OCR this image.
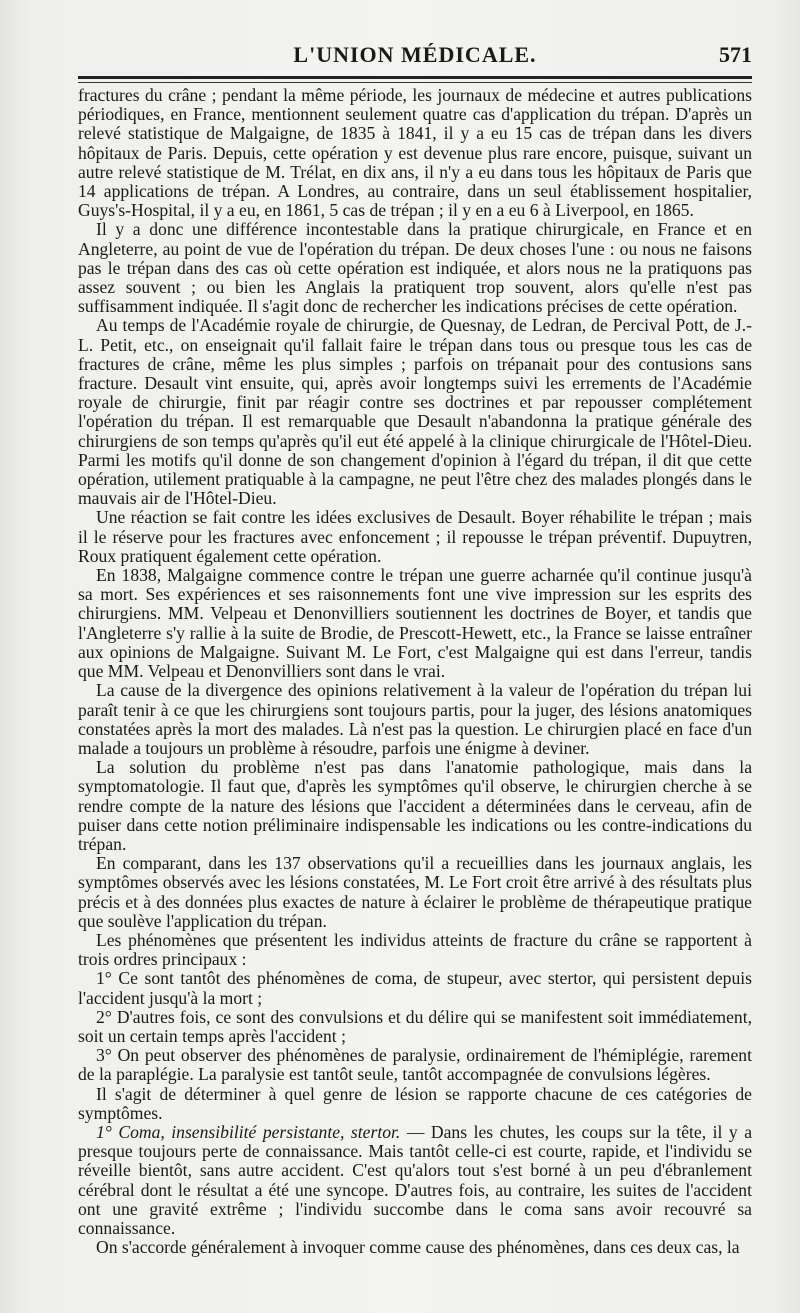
L'UNION MÉDICALE.	571

fractures du crâne ; pendant la même période, les journaux de médecine et autres publications périodiques, en France, mentionnent seulement quatre cas d'application du trépan. D'après un relevé statistique de Malgaigne, de 1835 à 1841, il y a eu 15 cas de trépan dans les divers hôpitaux de Paris. Depuis, cette opération y est devenue plus rare encore, puisque, suivant un autre relevé statistique de M. Trélat, en dix ans, il n'y a eu dans tous les hôpitaux de Paris que 14 applications de trépan. A Londres, au contraire, dans un seul établissement hospitalier, Guys's-Hospital, il y a eu, en 1861, 5 cas de trépan ; il y en a eu 6 à Liverpool, en 1865.

Il y a donc une différence incontestable dans la pratique chirurgicale, en France et en Angleterre, au point de vue de l'opération du trépan. De deux choses l'une : ou nous ne faisons pas le trépan dans des cas où cette opération est indiquée, et alors nous ne la pratiquons pas assez souvent ; ou bien les Anglais la pratiquent trop souvent, alors qu'elle n'est pas suffisamment indiquée. Il s'agit donc de rechercher les indications précises de cette opération.

Au temps de l'Académie royale de chirurgie, de Quesnay, de Ledran, de Percival Pott, de J.-L. Petit, etc., on enseignait qu'il fallait faire le trépan dans tous ou presque tous les cas de fractures de crâne, même les plus simples ; parfois on trépanait pour des contusions sans fracture. Desault vint ensuite, qui, après avoir longtemps suivi les errements de l'Académie royale de chirurgie, finit par réagir contre ses doctrines et par repousser complétement l'opération du trépan. Il est remarquable que Desault n'abandonna la pratique générale des chirurgiens de son temps qu'après qu'il eut été appelé à la clinique chirurgicale de l'Hôtel-Dieu. Parmi les motifs qu'il donne de son changement d'opinion à l'égard du trépan, il dit que cette opération, utilement pratiquable à la campagne, ne peut l'être chez des malades plongés dans le mauvais air de l'Hôtel-Dieu.

Une réaction se fait contre les idées exclusives de Desault. Boyer réhabilite le trépan ; mais il le réserve pour les fractures avec enfoncement ; il repousse le trépan préventif. Dupuytren, Roux pratiquent également cette opération.

En 1838, Malgaigne commence contre le trépan une guerre acharnée qu'il continue jusqu'à sa mort. Ses expériences et ses raisonnements font une vive impression sur les esprits des chirurgiens. MM. Velpeau et Denonvilliers soutiennent les doctrines de Boyer, et tandis que l'Angleterre s'y rallie à la suite de Brodie, de Prescott-Hewett, etc., la France se laisse entraîner aux opinions de Malgaigne. Suivant M. Le Fort, c'est Malgaigne qui est dans l'erreur, tandis que MM. Velpeau et Denonvilliers sont dans le vrai.

La cause de la divergence des opinions relativement à la valeur de l'opération du trépan lui paraît tenir à ce que les chirurgiens sont toujours partis, pour la juger, des lésions anatomiques constatées après la mort des malades. Là n'est pas la question. Le chirurgien placé en face d'un malade a toujours un problème à résoudre, parfois une énigme à deviner.

La solution du problème n'est pas dans l'anatomie pathologique, mais dans la symptomatologie. Il faut que, d'après les symptômes qu'il observe, le chirurgien cherche à se rendre compte de la nature des lésions que l'accident a déterminées dans le cerveau, afin de puiser dans cette notion préliminaire indispensable les indications ou les contre-indications du trépan.

En comparant, dans les 137 observations qu'il a recueillies dans les journaux anglais, les symptômes observés avec les lésions constatées, M. Le Fort croit être arrivé à des résultats plus précis et à des données plus exactes de nature à éclairer le problème de thérapeutique pratique que soulève l'application du trépan.

Les phénomènes que présentent les individus atteints de fracture du crâne se rapportent à trois ordres principaux :

1° Ce sont tantôt des phénomènes de coma, de stupeur, avec stertor, qui persistent depuis l'accident jusqu'à la mort ;

2° D'autres fois, ce sont des convulsions et du délire qui se manifestent soit immédiatement, soit un certain temps après l'accident ;

3° On peut observer des phénomènes de paralysie, ordinairement de l'hémiplégie, rarement de la paraplégie. La paralysie est tantôt seule, tantôt accompagnée de convulsions légères.

Il s'agit de déterminer à quel genre de lésion se rapporte chacune de ces catégories de symptômes.

1° Coma, insensibilité persistante, stertor. — Dans les chutes, les coups sur la tête, il y a presque toujours perte de connaissance. Mais tantôt celle-ci est courte, rapide, et l'individu se réveille bientôt, sans autre accident. C'est qu'alors tout s'est borné à un peu d'ébranlement cérébral dont le résultat a été une syncope. D'autres fois, au contraire, les suites de l'accident ont une gravité extrême ; l'individu succombe dans le coma sans avoir recouvré sa connaissance.

On s'accorde généralement à invoquer comme cause des phénomènes, dans ces deux cas, la
